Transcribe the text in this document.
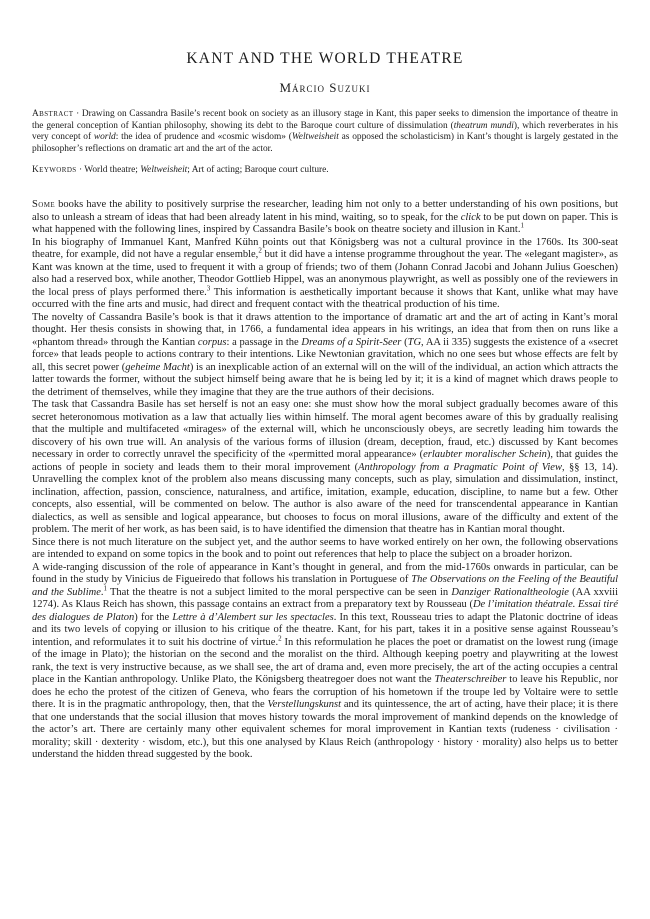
KANT AND THE WORLD THEATRE
Márcio Suzuki
Abstract · Drawing on Cassandra Basile’s recent book on society as an illusory stage in Kant, this paper seeks to dimension the importance of theatre in the general conception of Kantian philosophy, showing its debt to the Baroque court culture of dissimulation (theatrum mundi), which reverberates in his very concept of world: the idea of prudence and «cosmic wisdom» (Weltweisheit as opposed the scholasticism) in Kant’s thought is largely gestated in the philosopher’s reflections on dramatic art and the art of the actor.
Keywords · World theatre; Weltweisheit; Art of acting; Baroque court culture.

Some books have the ability to positively surprise the researcher, leading him not only to a better understanding of his own positions, but also to unleash a stream of ideas that had been already latent in his mind, waiting, so to speak, for the click to be put down on paper. This is what happened with the following lines, inspired by Cassandra Basile’s book on theatre society and illusion in Kant.$^1$

In his biography of Immanuel Kant, Manfred Kühn points out that Königsberg was not a cultural province in the 1760s. Its 300-seat theatre, for example, did not have a regular ensemble,$^2$ but it did have a intense programme throughout the year. The «elegant magister», as Kant was known at the time, used to frequent it with a group of friends; two of them (Johann Conrad Jacobi and Johann Julius Goeschen) also had a reserved box, while another, Theodor Gottlieb Hippel, was an anonymous playwright, as well as possibly one of the reviewers in the local press of plays performed there.$^3$ This information is aesthetically important because it shows that Kant, unlike what may have occurred with the fine arts and music, had direct and frequent contact with the theatrical production of his time.

The novelty of Cassandra Basile’s book is that it draws attention to the importance of dramatic art and the art of acting in Kant’s moral thought. Her thesis consists in showing that, in 1766, a fundamental idea appears in his writings, an idea that from then on runs like a «phantom thread» through the Kantian corpus: a passage in the Dreams of a Spirit-Seer (TG, AA ii 335) suggests the existence of a «secret force» that leads people to actions contrary to their intentions. Like Newtonian gravitation, which no one sees but whose effects are felt by all, this secret power (geheime Macht) is an inexplicable action of an external will on the will of the individual, an action which attracts the latter towards the former, without the subject himself being aware that he is being led by it; it is a kind of magnet which draws people to the detriment of themselves, while they imagine that they are the true authors of their decisions.

The task that Cassandra Basile has set herself is not an easy one: she must show how the moral subject gradually becomes aware of this secret heteronomous motivation as a law that actually lies within himself. The moral agent becomes aware of this by gradually realising that the multiple and multifaceted «mirages» of the external will, which he unconsciously obeys, are secretly leading him towards the discovery of his own true will. An analysis of the various forms of illusion (dream, deception, fraud, etc.) discussed by Kant becomes necessary in order to correctly unravel the specificity of the «permitted moral appearance» (erlaubter moralischer Schein), that guides the actions of people in society and leads them to their moral improvement (Anthropology from a Pragmatic Point of View, §§ 13, 14). Unravelling the complex knot of the problem also means discussing many concepts, such as play, simulation and dissimulation, instinct, inclination, affection, passion, conscience, naturalness, and artifice, imitation, example, education, discipline, to name but a few. Other concepts, also essential, will be commented on below. The author is also aware of the need for transcendental appearance in Kantian dialectics, as well as sensible and logical appearance, but chooses to focus on moral illusions, aware of the difficulty and extent of the problem. The merit of her work, as has been said, is to have identified the dimension that theatre has in Kantian moral thought.

Since there is not much literature on the subject yet, and the author seems to have worked entirely on her own, the following observations are intended to expand on some topics in the book and to point out references that help to place the subject on a broader horizon.

A wide-ranging discussion of the role of appearance in Kant’s thought in general, and from the mid-1760s onwards in particular, can be found in the study by Vinicius de Figueiredo that follows his translation in Portuguese of The Observations on the Feeling of the Beautiful and the Sublime.$^1$ That the theatre is not a subject limited to the moral perspective can be seen in Danziger Rationaltheologie (AA xxviii 1274). As Klaus Reich has shown, this passage contains an extract from a preparatory text by Rousseau (De l’imitation théatrale. Essai tiré des dialogues de Platon) for the Lettre à d’Alembert sur les spectacles. In this text, Rousseau tries to adapt the Platonic doctrine of ideas and its two levels of copying or illusion to his critique of the theatre. Kant, for his part, takes it in a positive sense against Rousseau’s intention, and reformulates it to suit his doctrine of virtue.$^2$ In this reformulation he places the poet or dramatist on the lowest rung (image of the image in Plato); the historian on the second and the moralist on the third. Although keeping poetry and playwriting at the lowest rank, the text is very instructive because, as we shall see, the art of drama and, even more precisely, the art of the acting occupies a central place in the Kantian anthropology. Unlike Plato, the Königsberg theatregoer does not want the Theaterschreiber to leave his Republic, nor does he echo the protest of the citizen of Geneva, who fears the corruption of his hometown if the troupe led by Voltaire were to settle there. It is in the pragmatic anthropology, then, that the Verstellungskunst and its quintessence, the art of acting, have their place; it is there that one understands that the social illusion that moves history towards the moral improvement of mankind depends on the knowledge of the actor’s art. There are certainly many other equivalent schemes for moral improvement in Kantian texts (rudeness · civilisation · morality; skill · dexterity · wisdom, etc.), but this one analysed by Klaus Reich (anthropology · history · morality) also helps us to better understand the hidden thread suggested by the book.
